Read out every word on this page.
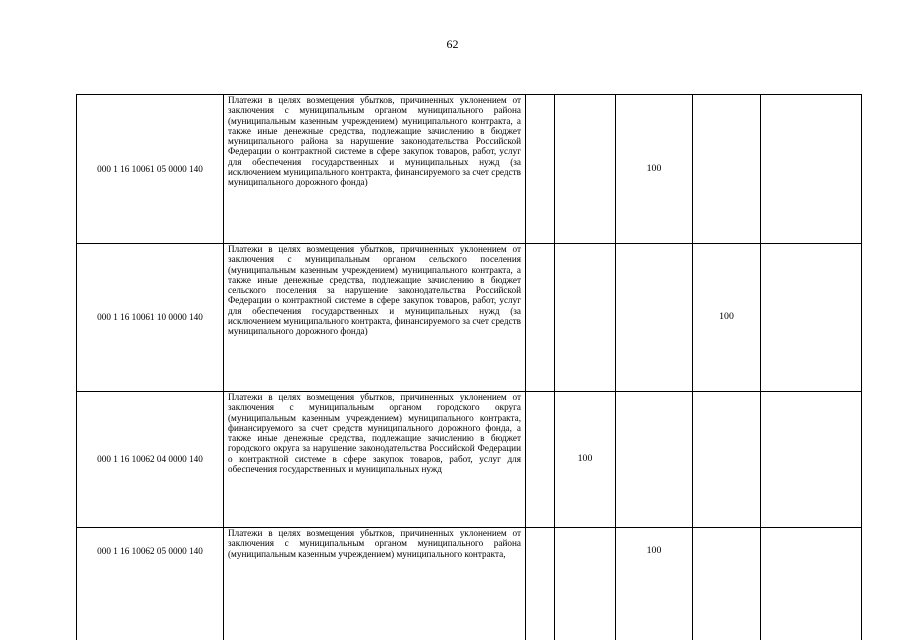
62
000 1 16 10061 05 0000 140	Платежи в целях возмещения убытков, причиненных уклонением от заключения с муниципальным органом муниципального района (муниципальным казенным учреждением) муниципального контракта, а также иные денежные средства, подлежащие зачислению в бюджет муниципального района за нарушение законодательства Российской Федерации о контрактной системе в сфере закупок товаров, работ, услуг для обеспечения государственных и муниципальных нужд (за исключением муниципального контракта, финансируемого за счет средств муниципального дорожного фонда)			100		
000 1 16 10061 10 0000 140	Платежи в целях возмещения убытков, причиненных уклонением от заключения с муниципальным органом сельского поселения (муниципальным казенным учреждением) муниципального контракта, а также иные денежные средства, подлежащие зачислению в бюджет сельского поселения за нарушение законодательства Российской Федерации о контрактной системе в сфере закупок товаров, работ, услуг для обеспечения государственных и муниципальных нужд (за исключением муниципального контракта, финансируемого за счет средств муниципального дорожного фонда)				100	
000 1 16 10062 04 0000 140	Платежи в целях возмещения убытков, причиненных уклонением от заключения с муниципальным органом городского округа (муниципальным казенным учреждением) муниципального контракта, финансируемого за счет средств муниципального дорожного фонда, а также иные денежные средства, подлежащие зачислению в бюджет городского округа за нарушение законодательства Российской Федерации о контрактной системе в сфере закупок товаров, работ, услуг для обеспечения государственных и муниципальных нужд		100			
000 1 16 10062 05 0000 140	Платежи в целях возмещения убытков, причиненных уклонением от заключения с муниципальным органом муниципального района (муниципальным казенным учреждением) муниципального контракта,			100		
